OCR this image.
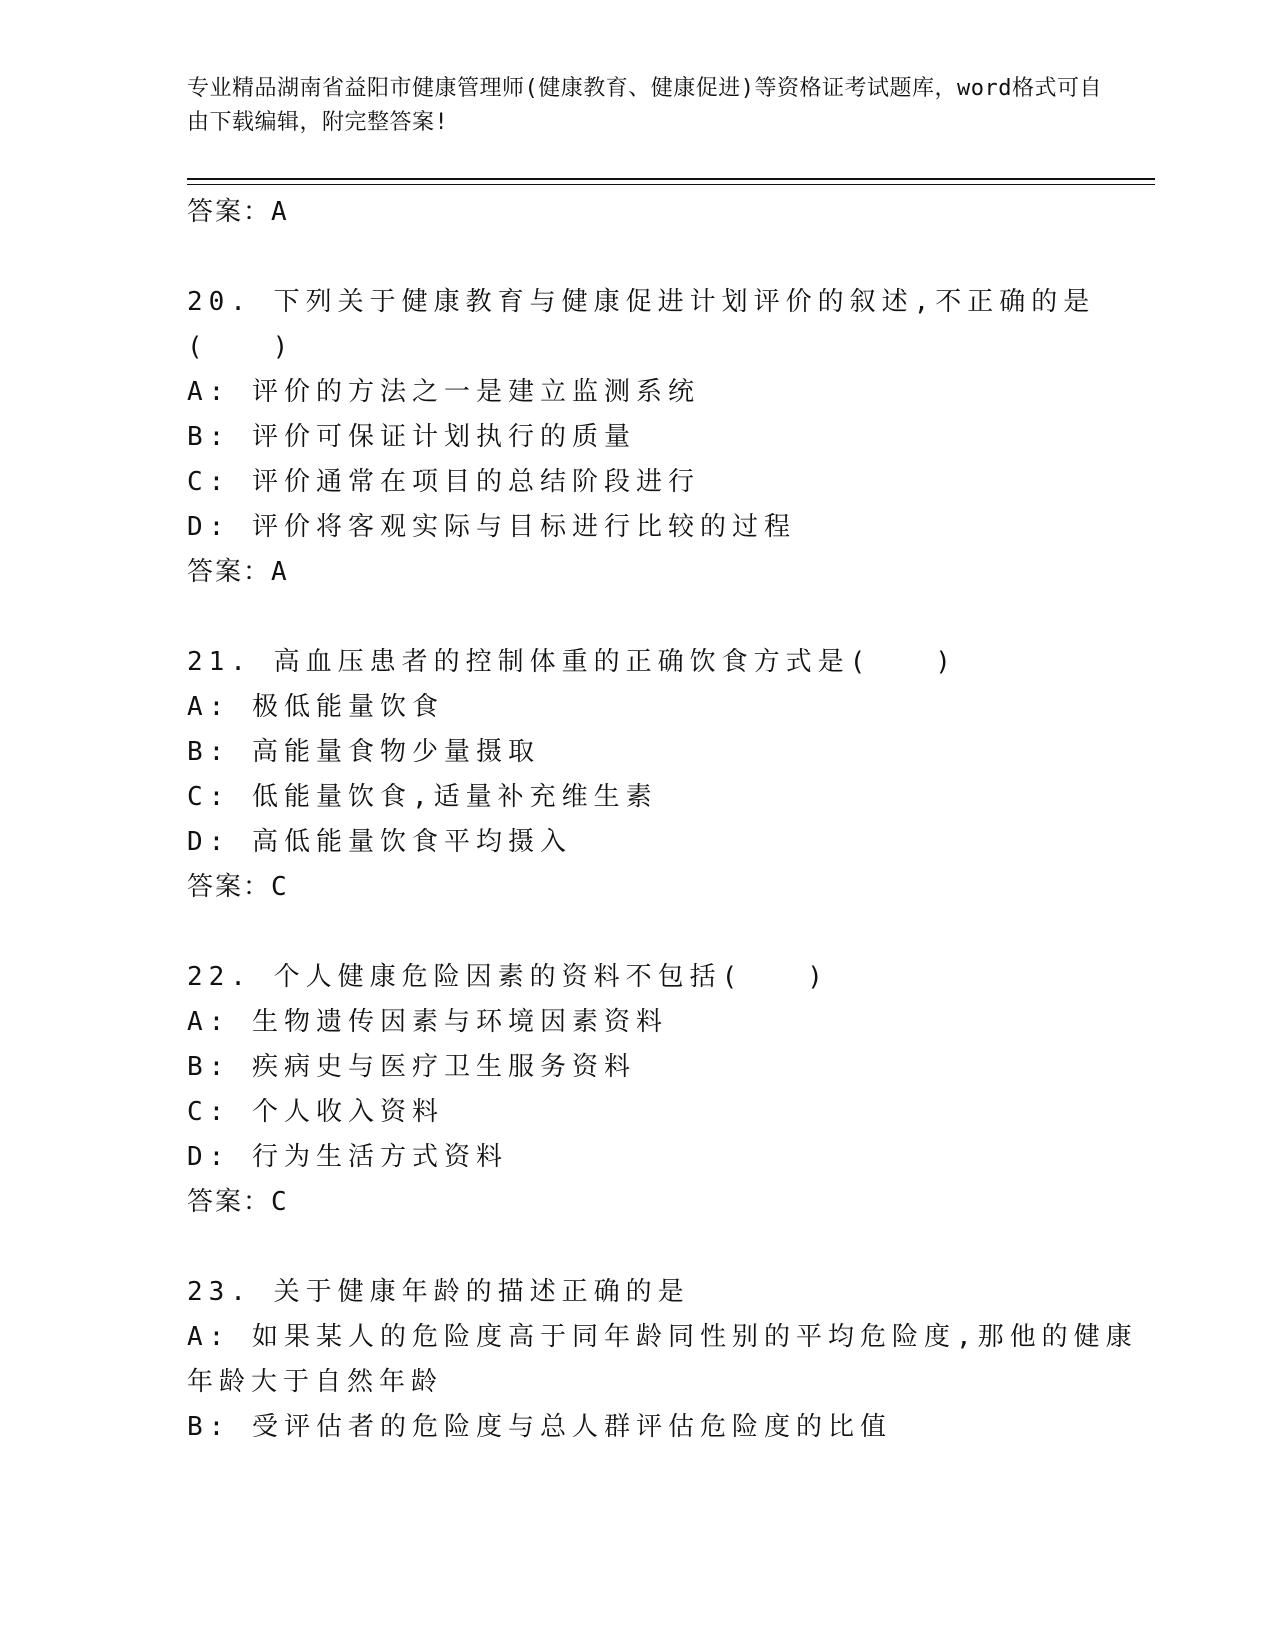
专业精品湖南省益阳市健康管理师(健康教育、健康促进)等资格证考试题库，word格式可自由下载编辑，附完整答案!
答案：A
20. 下列关于健康教育与健康促进计划评价的叙述,不正确的是(　　)
A: 评价的方法之一是建立监测系统
B: 评价可保证计划执行的质量
C: 评价通常在项目的总结阶段进行
D: 评价将客观实际与目标进行比较的过程
答案：A
21. 高血压患者的控制体重的正确饮食方式是(　　)
A: 极低能量饮食
B: 高能量食物少量摄取
C: 低能量饮食,适量补充维生素
D: 高低能量饮食平均摄入
答案：C
22. 个人健康危险因素的资料不包括(　　)
A: 生物遗传因素与环境因素资料
B: 疾病史与医疗卫生服务资料
C: 个人收入资料
D: 行为生活方式资料
答案：C
23. 关于健康年龄的描述正确的是
A: 如果某人的危险度高于同年龄同性别的平均危险度,那他的健康年龄大于自然年龄
B: 受评估者的危险度与总人群评估危险度的比值
